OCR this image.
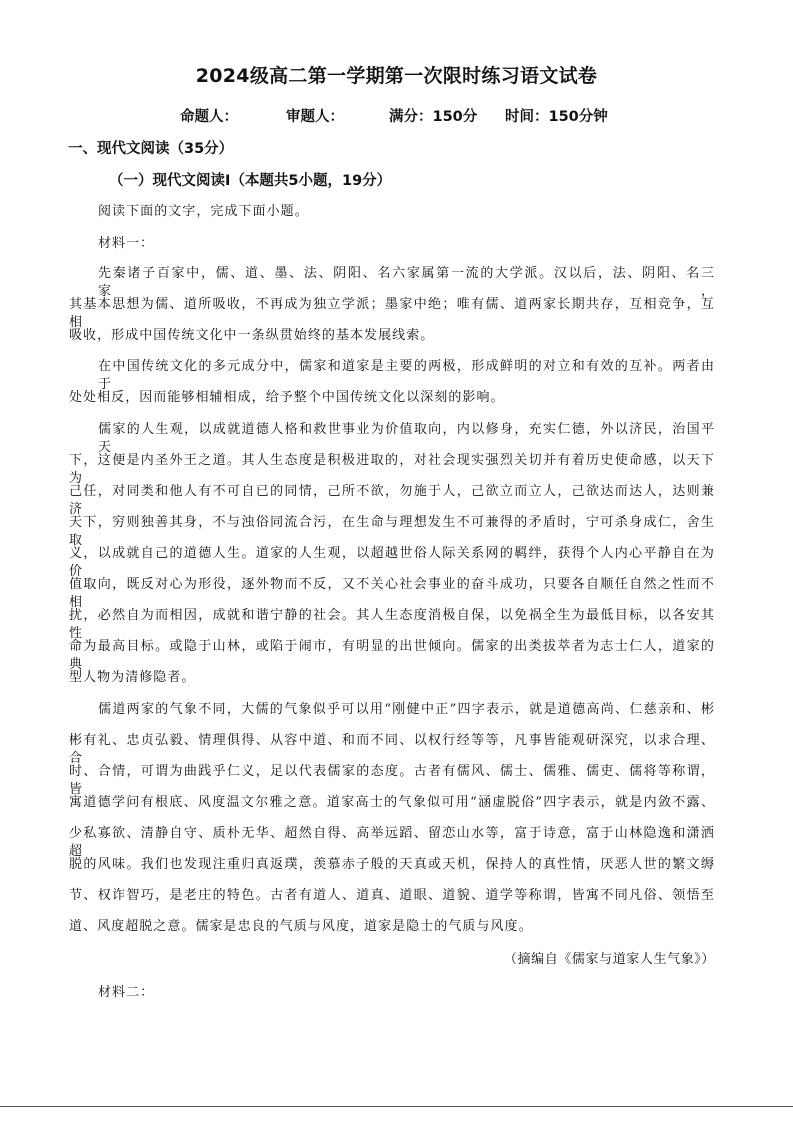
2024级高二第一学期第一次限时练习语文试卷
命题人：	审题人：	满分：150分 时间：150分钟
一、现代文阅读（35分）
（一）现代文阅读Ⅰ（本题共5小题，19分）
阅读下面的文字，完成下面小题。
材料一：
先秦诸子百家中，儒、道、墨、法、阴阳、名六家属第一流的大学派。汉以后，法、阴阳、名三家，
其基本思想为儒、道所吸收，不再成为独立学派；墨家中绝；唯有儒、道两家长期共存，互相竞争，互相
吸收，形成中国传统文化中一条纵贯始终的基本发展线索。
在中国传统文化的多元成分中，儒家和道家是主要的两极，形成鲜明的对立和有效的互补。两者由于
处处相反，因而能够相辅相成，给予整个中国传统文化以深刻的影响。
儒家的人生观，以成就道德人格和救世事业为价值取向，内以修身，充实仁德，外以济民，治国平天
下，这便是内圣外王之道。其人生态度是积极进取的，对社会现实强烈关切并有着历史使命感，以天下为
己任，对同类和他人有不可自已的同情，己所不欲，勿施于人，己欲立而立人，己欲达而达人，达则兼济
天下，穷则独善其身，不与浊俗同流合污，在生命与理想发生不可兼得的矛盾时，宁可杀身成仁，舍生取
义，以成就自己的道德人生。道家的人生观，以超越世俗人际关系网的羁绊，获得个人内心平静自在为价
值取向，既反对心为形役，逐外物而不反，又不关心社会事业的奋斗成功，只要各自顺任自然之性而不相
扰，必然自为而相因，成就和谐宁静的社会。其人生态度消极自保，以免祸全生为最低目标，以各安其性
命为最高目标。或隐于山林，或陷于闹市，有明显的出世倾向。儒家的出类拔萃者为志士仁人，道家的典
型人物为清修隐者。
儒道两家的气象不同，大儒的气象似乎可以用“刚健中正”四字表示，就是道德高尚、仁慈亲和、彬
彬有礼、忠贞弘毅、情理俱得、从容中道、和而不同、以权行经等等，凡事皆能观研深究，以求合理、合
时、合情，可谓为曲践乎仁义，足以代表儒家的态度。古者有儒风、儒士、儒雅、儒吏、儒将等称谓，皆
寓道德学问有根底、风度温文尔雅之意。道家高士的气象似可用“涵虚脱俗”四字表示，就是内敛不露、
少私寡欲、清静自守、质朴无华、超然自得、高举远蹈、留恋山水等，富于诗意，富于山林隐逸和潇洒超
脱的风味。我们也发现注重归真返璞，羡慕赤子般的天真或天机，保持人的真性情，厌恶人世的繁文缛
节、权诈智巧，是老庄的特色。古者有道人、道真、道眼、道貌、道学等称谓，皆寓不同凡俗、领悟至
道、风度超脱之意。儒家是忠良的气质与风度，道家是隐士的气质与风度。
（摘编自《儒家与道家人生气象》）
材料二：
